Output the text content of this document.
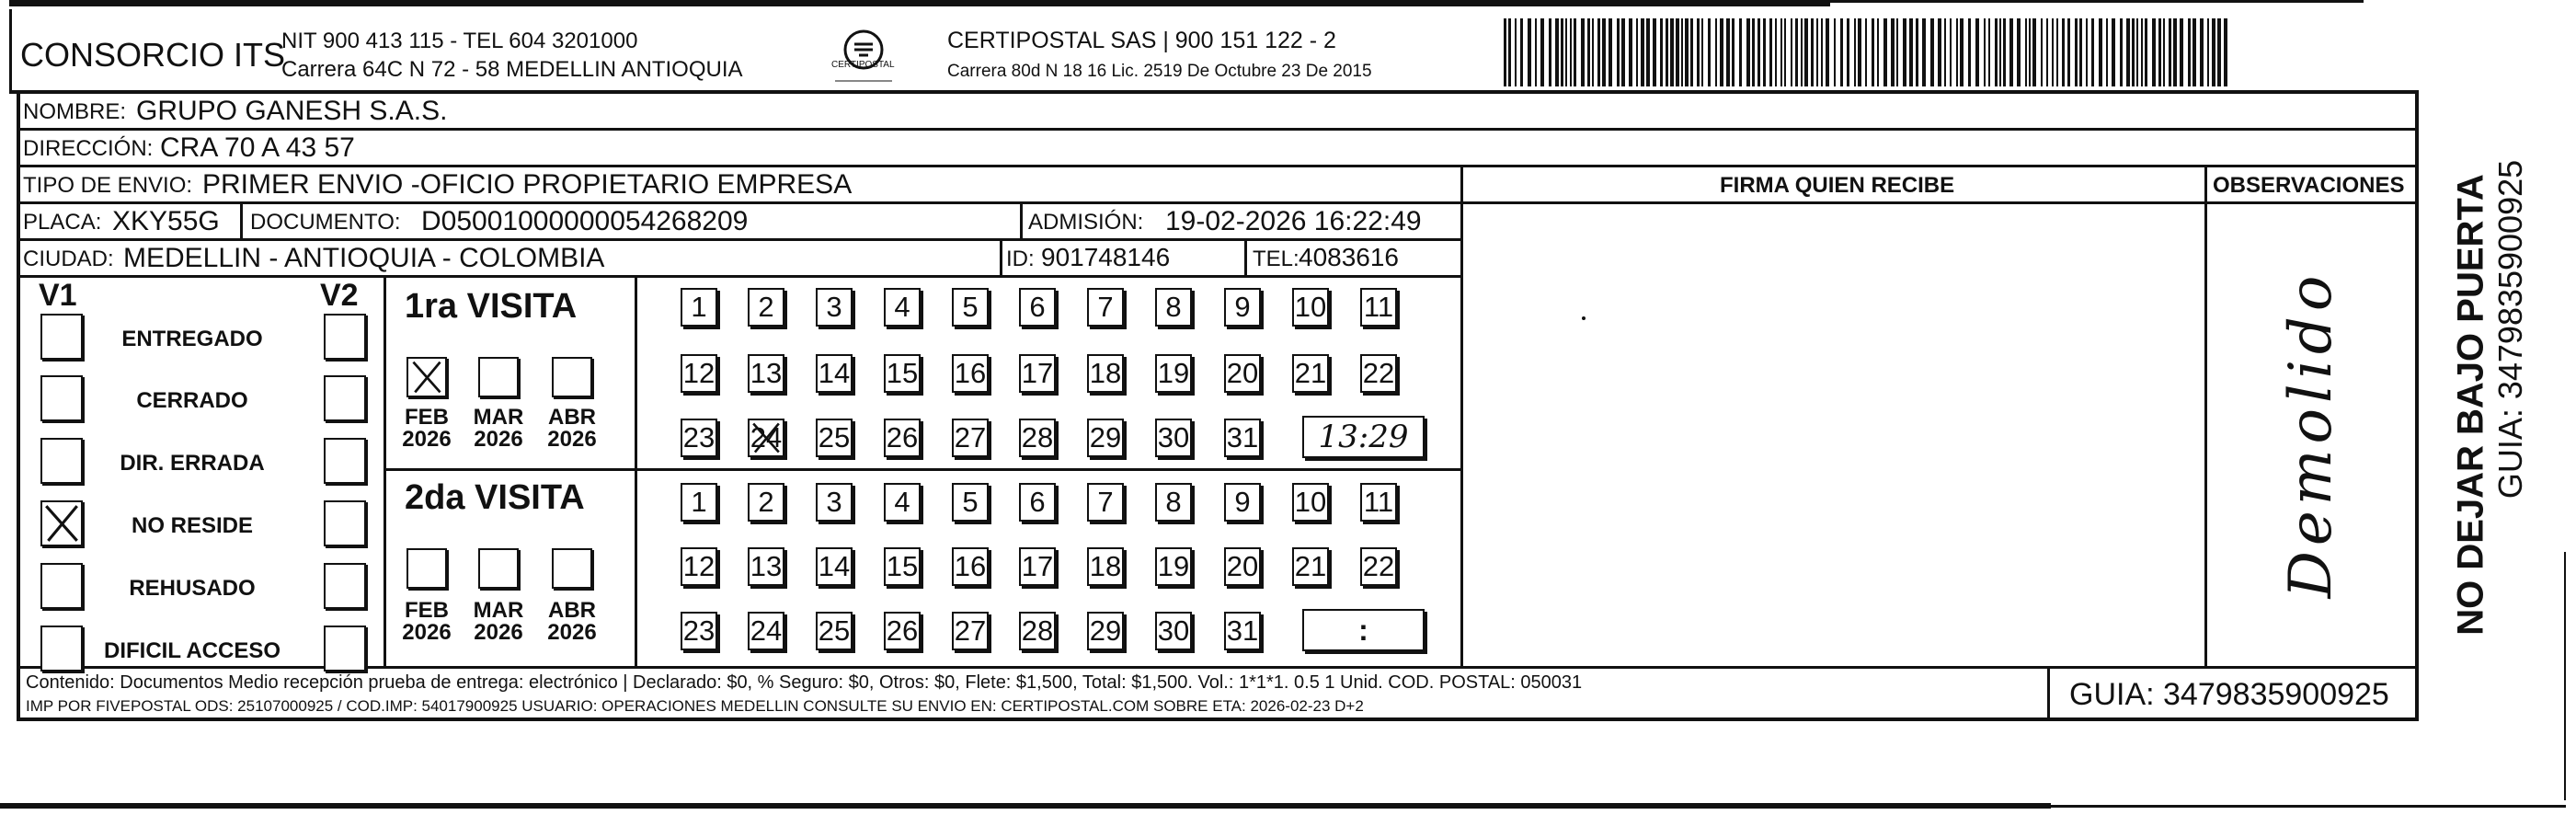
CONSORCIO ITS
NIT 900 413 115 - TEL 604 3201000
Carrera 64C N 72 - 58 MEDELLIN ANTIOQUIA	CERTIPOSTAL
CERTIPOSTAL SAS | 900 151 122 - 2
Carrera 80d N 18 16 Lic. 2519 De Octubre 23 De 2015
NOMBRE: GRUPO GANESH S.A.S.
DIRECCIÓN: CRA 70 A 43 57
TIPO DE ENVIO: PRIMER ENVIO -OFICIO PROPIETARIO EMPRESA	FIRMA QUIEN RECIBE	OBSERVACIONES
PLACA: XKY55G DOCUMENTO: D05001000000054268209	ADMISIÓN: 19-02-2026 16:22:49
CIUDAD: MEDELLIN - ANTIOQUIA - COLOMBIA	ID: 901748146	TEL: 4083616
V1	V2
ENTREGADO
CERRADO
DIR. ERRADA
NO RESIDE
REHUSADO
DIFICIL ACCESO
1ra VISITA
FEB
2026
MAR
2026
ABR
2026
1 2 3 4 5 6 7 8 9 10 11
12 13 14 15 16 17 18 19 20 21 22
23 24 25 26 27 28 29 30 31 13:29
2da VISITA
FEB
2026
MAR
2026
ABR
2026
1 2 3 4 5 6 7 8 9 10 11
12 13 14 15 16 17 18 19 20 21 22
23 24 25 26 27 28 29 30 31	:
Demolido
Contenido: Documentos Medio recepción prueba de entrega: electrónico | Declarado: $0, % Seguro: $0, Otros: $0, Flete: $1,500, Total: $1,500. Vol.: 1*1*1. 0.5 1 Unid. COD. POSTAL: 050031
IMP POR FIVEPOSTAL ODS: 25107000925 / COD.IMP: 54017900925 USUARIO: OPERACIONES MEDELLIN CONSULTE SU ENVIO EN: CERTIPOSTAL.COM SOBRE ETA: 2026-02-23 D+2	GUIA: 3479835900925
NO DEJAR BAJO PUERTA GUIA: 3479835900925
